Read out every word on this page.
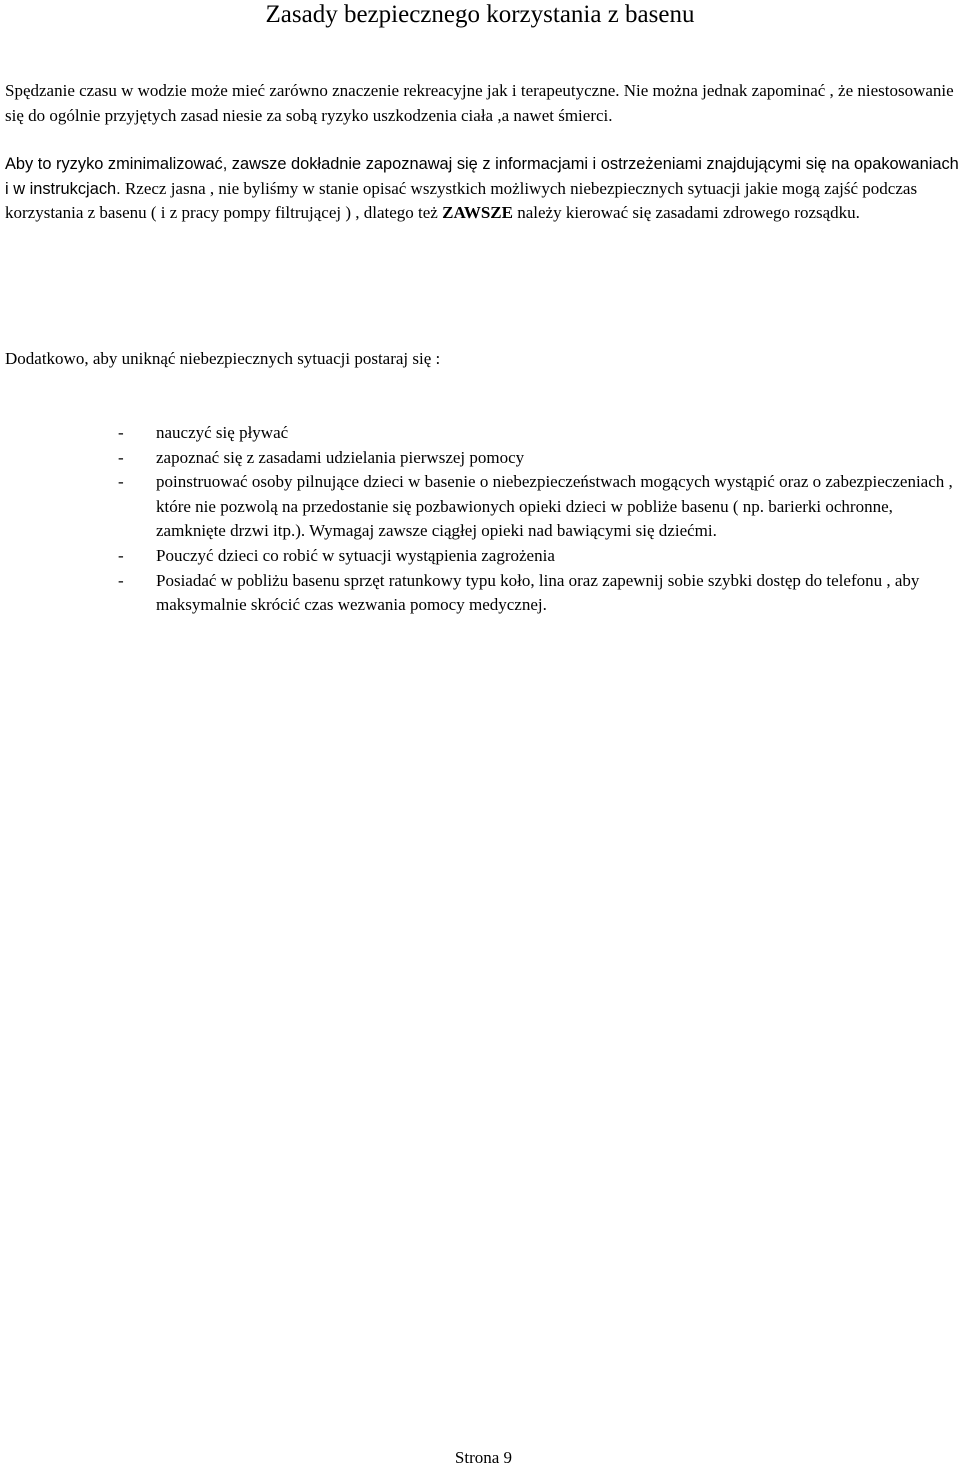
Zasady bezpiecznego korzystania z basenu

Spędzanie czasu w wodzie może mieć zarówno znaczenie rekreacyjne jak i terapeutyczne. Nie można jednak zapominać , że niestosowanie się do ogólnie przyjętych zasad niesie za sobą ryzyko uszkodzenia ciała ,a nawet śmierci.

Aby to ryzyko zminimalizować, zawsze dokładnie zapoznawaj się z informacjami i ostrzeżeniami znajdującymi się na opakowaniach i w instrukcjach. Rzecz jasna , nie byliśmy w stanie opisać wszystkich możliwych niebezpiecznych sytuacji jakie mogą zajść podczas korzystania z basenu ( i z pracy pompy filtrującej ) , dlatego też ZAWSZE należy kierować się zasadami zdrowego rozsądku.

Dodatkowo, aby uniknąć niebezpiecznych sytuacji postaraj się :

- nauczyć się pływać
- zapoznać się z zasadami udzielania pierwszej pomocy
- poinstruować osoby pilnujące dzieci w basenie o niebezpieczeństwach mogących wystąpić oraz o zabezpieczeniach , które nie pozwolą na przedostanie się pozbawionych opieki dzieci w pobliże basenu ( np. barierki ochronne, zamknięte drzwi itp.). Wymagaj zawsze ciągłej opieki nad bawiącymi się dziećmi.
- Pouczyć dzieci co robić w sytuacji wystąpienia zagrożenia
- Posiadać w pobliżu basenu sprzęt ratunkowy typu koło, lina oraz zapewnij sobie szybki dostęp do telefonu , aby maksymalnie skrócić czas wezwania pomocy medycznej.
Strona 9
